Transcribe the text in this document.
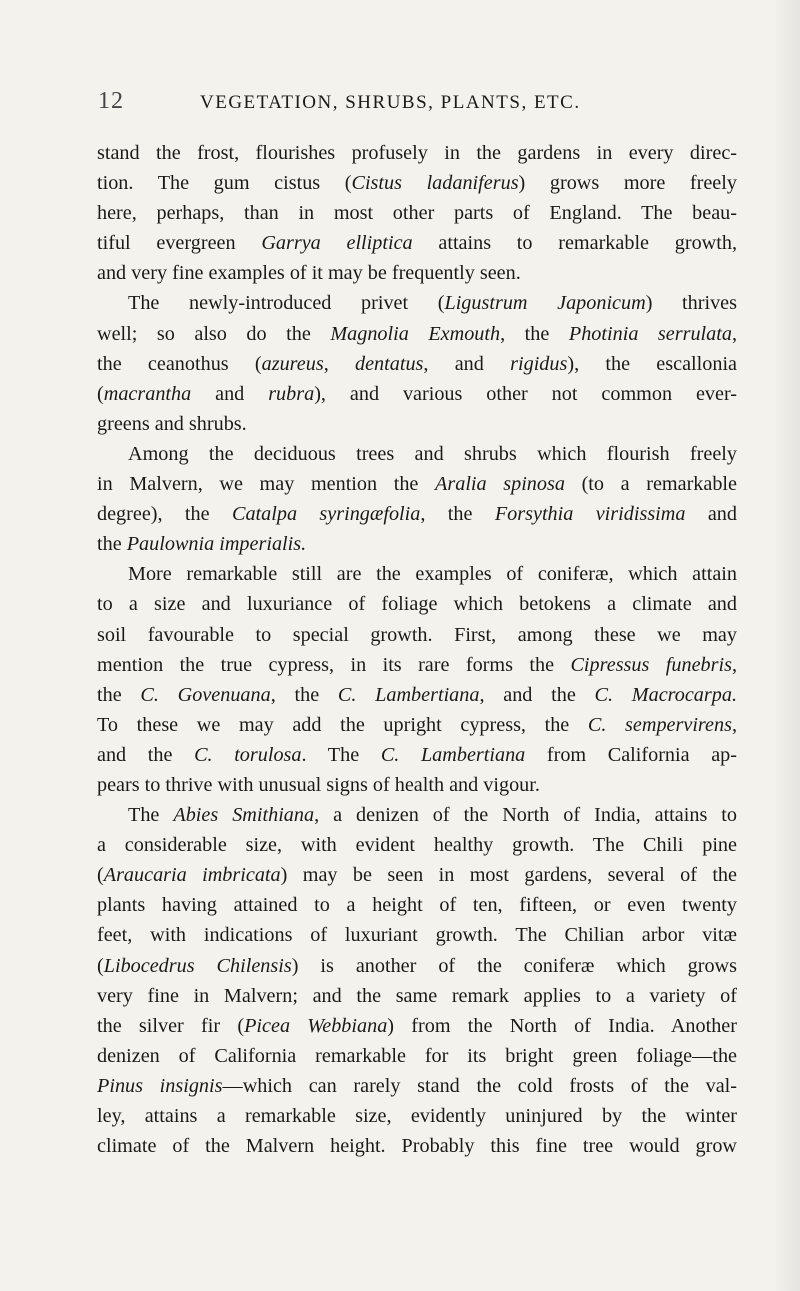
12	VEGETATION, SHRUBS, PLANTS, ETC.
stand the frost, flourishes profusely in the gardens in every direc-
tion. The gum cistus (Cistus ladaniferus) grows more freely
here, perhaps, than in most other parts of England. The beau-
tiful evergreen Garrya elliptica attains to remarkable growth,
and very fine examples of it may be frequently seen.
The newly-introduced privet (Ligustrum Japonicum) thrives
well; so also do the Magnolia Exmouth, the Photinia serrulata,
the ceanothus (azureus, dentatus, and rigidus), the escallonia
(macrantha and rubra), and various other not common ever-
greens and shrubs.
Among the deciduous trees and shrubs which flourish freely
in Malvern, we may mention the Aralia spinosa (to a remarkable
degree), the Catalpa syringæfolia, the Forsythia viridissima and
the Paulownia imperialis.
More remarkable still are the examples of coniferæ, which attain
to a size and luxuriance of foliage which betokens a climate and
soil favourable to special growth. First, among these we may
mention the true cypress, in its rare forms the Cipressus funebris,
the C. Govenuana, the C. Lambertiana, and the C. Macrocarpa.
To these we may add the upright cypress, the C. sempervirens,
and the C. torulosa. The C. Lambertiana from California ap-
pears to thrive with unusual signs of health and vigour.
The Abies Smithiana, a denizen of the North of India, attains to
a considerable size, with evident healthy growth. The Chili pine
(Araucaria imbricata) may be seen in most gardens, several of the
plants having attained to a height of ten, fifteen, or even twenty
feet, with indications of luxuriant growth. The Chilian arbor vitæ
(Libocedrus Chilensis) is another of the coniferæ which grows
very fine in Malvern; and the same remark applies to a variety of
the silver fir (Picea Webbiana) from the North of India. Another
denizen of California remarkable for its bright green foliage—the
Pinus insignis—which can rarely stand the cold frosts of the val-
ley, attains a remarkable size, evidently uninjured by the winter
climate of the Malvern height. Probably this fine tree would grow
